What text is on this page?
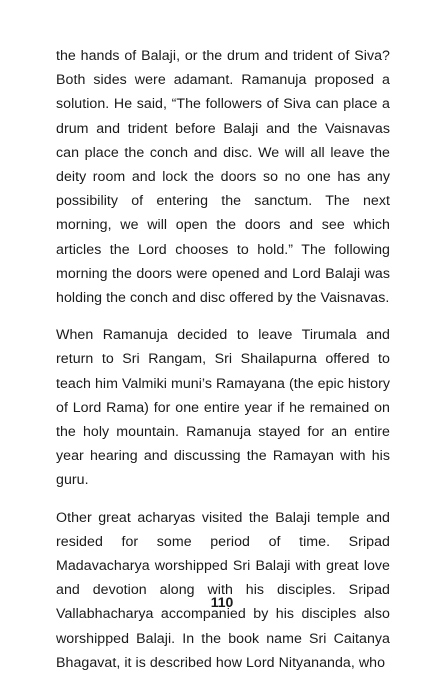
the hands of Balaji, or the drum and trident of Siva? Both sides were adamant. Ramanuja proposed a solution. He said, “The followers of Siva can place a drum and trident before Balaji and the Vaisnavas can place the conch and disc. We will all leave the deity room and lock the doors so no one has any possibility of entering the sanctum. The next morning, we will open the doors and see which articles the Lord chooses to hold.” The following morning the doors were opened and Lord Balaji was holding the conch and disc offered by the Vaisnavas.

When Ramanuja decided to leave Tirumala and return to Sri Rangam, Sri Shailapurna offered to teach him Valmiki muni’s Ramayana (the epic history of Lord Rama) for one entire year if he remained on the holy mountain. Ramanuja stayed for an entire year hearing and discussing the Ramayan with his guru.

Other great acharyas visited the Balaji temple and resided for some period of time. Sripad Madavacharya worshipped Sri Balaji with great love and devotion along with his disciples. Sripad Vallabhacharya accompanied by his disciples also worshipped Balaji. In the book name Sri Caitanya Bhagavat, it is described how Lord Nityananda, who

110
